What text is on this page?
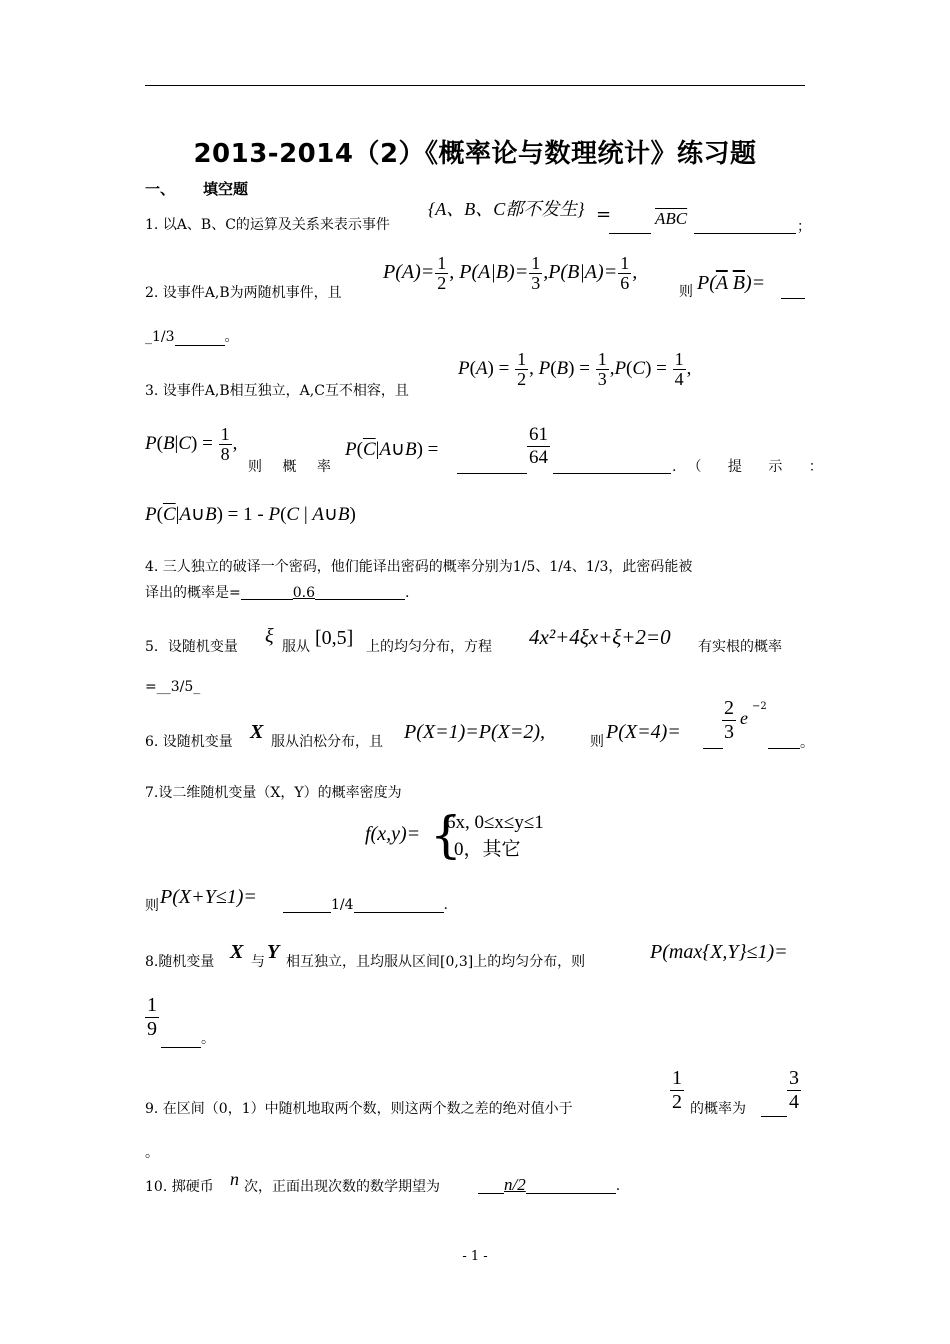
2013-2014（2）《概率论与数理统计》练习题
一、 填空题
1. 以A、B、C的运算及关系来表示事件
{A、B、C都不发生} =	$\overline{ABC}$	；
2. 设事件A,B为两随机事件，且
$P(A)= \frac{1}{2}$ , $P(A|B)= \frac{1}{3} ,P(B|A)= \frac{1}{6}$ ,
则 $P(\overline{A}$ $\overline{B})=$
_1/3	。
3. 设事件A,B相互独立，A,C互不相容，且
$P(A) = \frac{1}{2}$ , $P(B) = \frac{1}{3} ,P(C) = \frac{1}{4}$ ,
$P(B|C) = \frac{1}{8}$ ,
则 概 率
$P(\overline{C}|A\cup B)$ =	$\frac{61}{64}$	.（ 提 示 ：
$P(\overline{C}|A\cup B) = 1 - P(C$ | A∪B)
4. 三人独立的破译一个密码，他们能译出密码的概率分别为1/5、1/4、1/3，此密码能被
译出的概率是=	0.6	.
5．设随机变量 ξ 服从 [0,5] 上的均匀分布，方程 4x²+4ξx+ξ+2=0 有实根的概率
=__3/5_
6. 设随机变量 X 服从泊松分布，且 P(X=1)=P(X=2),	则 $P(X=4)= \frac{2}{3}$ e
−2
。
7.设二维随机变量（X，Y）的概率密度为
f(x,y)= {
6x, 0≤x≤y≤1
0，其它
则 P(X+Y≤1)=	1/4	.
8.随机变量 X 与 Y 相互独立，且均服从区间[0,3]上的均匀分布，则	P(max{X,Y}≤1)=
$\frac{1}{9}$	。
9. 在区间（0，1）中随机地取两个数，则这两个数之差的绝对值小于	$\frac{1}{2}$ 的概率为 $\frac{3}{4}$
。
10. 掷硬币 n 次，正面出现次数的数学期望为	n/2	.
- 1 -
